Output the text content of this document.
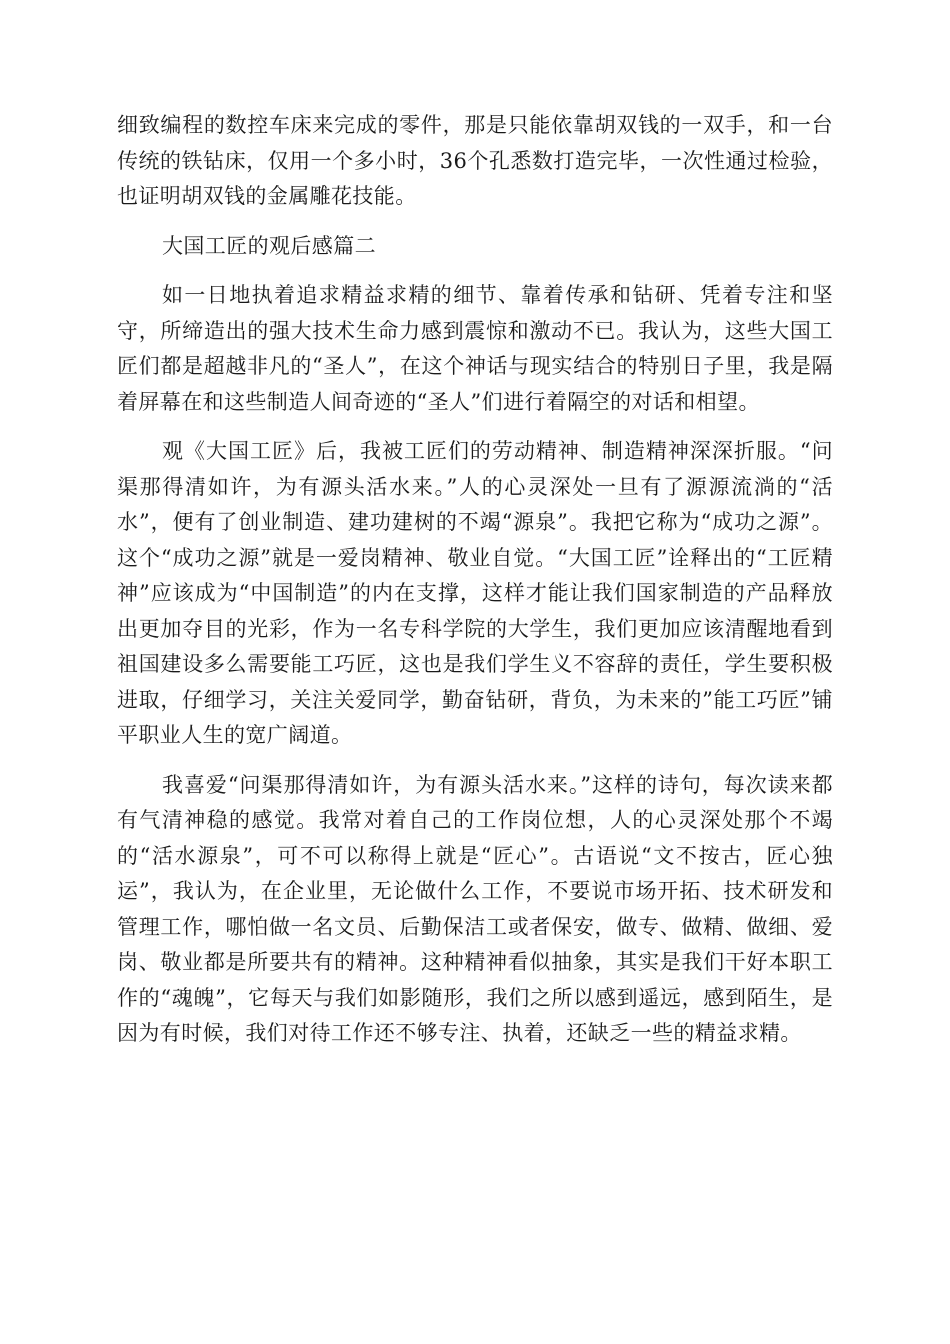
细致编程的数控车床来完成的零件，那是只能依靠胡双钱的一双手，和一台传统的铁钻床，仅用一个多小时，36个孔悉数打造完毕，一次性通过检验，也证明胡双钱的金属雕花技能。

大国工匠的观后感篇二

如一日地执着追求精益求精的细节、靠着传承和钻研、凭着专注和坚守，所缔造出的强大技术生命力感到震惊和激动不已。我认为，这些大国工匠们都是超越非凡的“圣人”，在这个神话与现实结合的特别日子里，我是隔着屏幕在和这些制造人间奇迹的“圣人”们进行着隔空的对话和相望。

观《大国工匠》后，我被工匠们的劳动精神、制造精神深深折服。“问渠那得清如许，为有源头活水来。”人的心灵深处一旦有了源源流淌的“活水”，便有了创业制造、建功建树的不竭“源泉”。我把它称为“成功之源”。这个“成功之源”就是一爱岗精神、敬业自觉。“大国工匠”诠释出的“工匠精神”应该成为“中国制造”的内在支撑，这样才能让我们国家制造的产品释放出更加夺目的光彩，作为一名专科学院的大学生，我们更加应该清醒地看到祖国建设多么需要能工巧匠，这也是我们学生义不容辞的责任，学生要积极进取，仔细学习，关注关爱同学，勤奋钻研，背负，为未来的”能工巧匠”铺平职业人生的宽广阔道。

我喜爱“问渠那得清如许，为有源头活水来。”这样的诗句，每次读来都有气清神稳的感觉。我常对着自己的工作岗位想，人的心灵深处那个不竭的“活水源泉”，可不可以称得上就是“匠心”。古语说“文不按古，匠心独运”，我认为，在企业里，无论做什么工作，不要说市场开拓、技术研发和管理工作，哪怕做一名文员、后勤保洁工或者保安，做专、做精、做细、爱岗、敬业都是所要共有的精神。这种精神看似抽象，其实是我们干好本职工作的“魂魄”，它每天与我们如影随形，我们之所以感到遥远，感到陌生，是因为有时候，我们对待工作还不够专注、执着，还缺乏一些的精益求精。
